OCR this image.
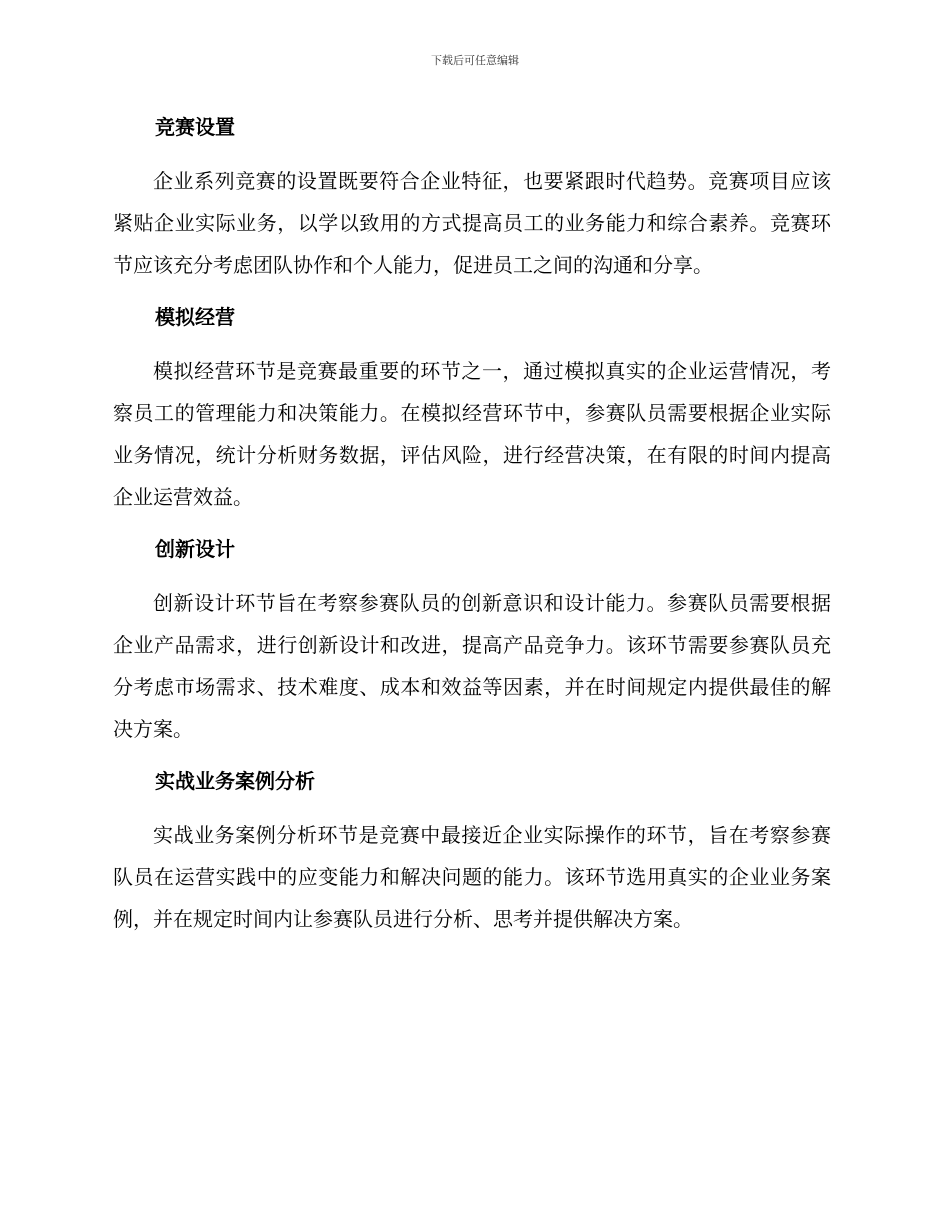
下载后可任意编辑
竞赛设置

企业系列竞赛的设置既要符合企业特征，也要紧跟时代趋势。竞赛项目应该紧贴企业实际业务，以学以致用的方式提高员工的业务能力和综合素养。竞赛环节应该充分考虑团队协作和个人能力，促进员工之间的沟通和分享。

模拟经营

模拟经营环节是竞赛最重要的环节之一，通过模拟真实的企业运营情况，考察员工的管理能力和决策能力。在模拟经营环节中，参赛队员需要根据企业实际业务情况，统计分析财务数据，评估风险，进行经营决策，在有限的时间内提高企业运营效益。

创新设计

创新设计环节旨在考察参赛队员的创新意识和设计能力。参赛队员需要根据企业产品需求，进行创新设计和改进，提高产品竞争力。该环节需要参赛队员充分考虑市场需求、技术难度、成本和效益等因素，并在时间规定内提供最佳的解决方案。

实战业务案例分析

实战业务案例分析环节是竞赛中最接近企业实际操作的环节，旨在考察参赛队员在运营实践中的应变能力和解决问题的能力。该环节选用真实的企业业务案例，并在规定时间内让参赛队员进行分析、思考并提供解决方案。
